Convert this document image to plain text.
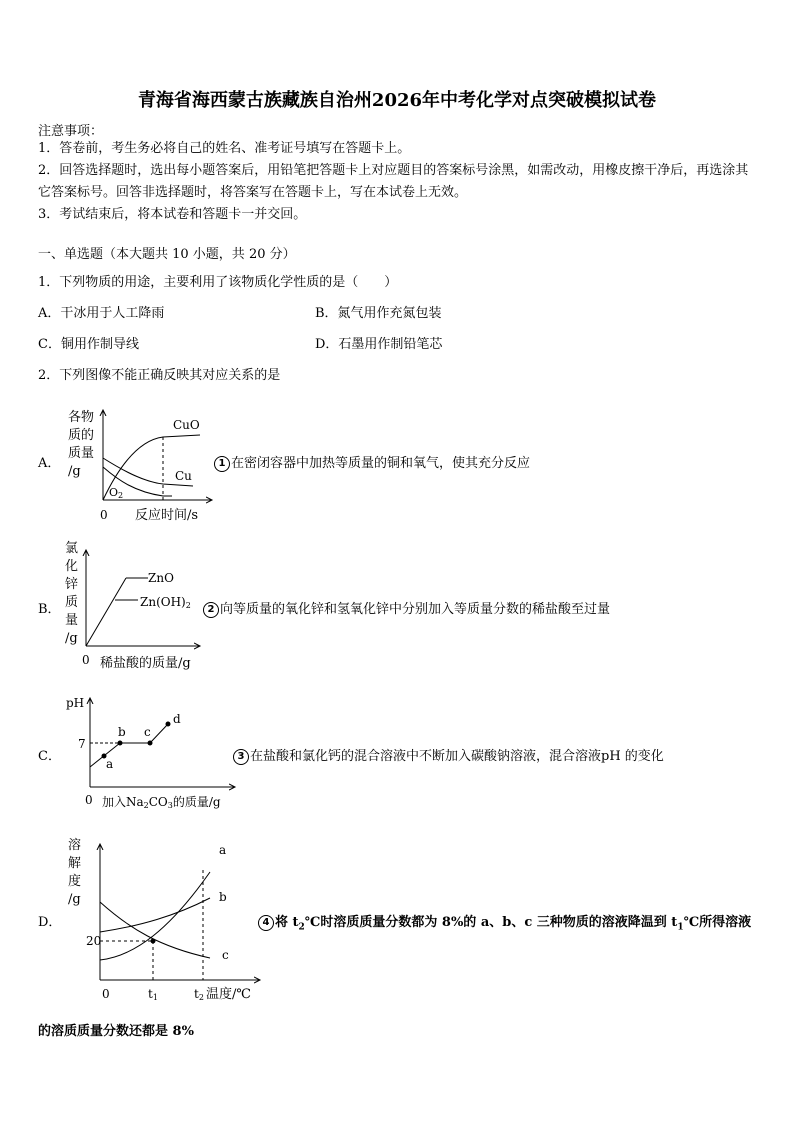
青海省海西蒙古族藏族自治州2026年中考化学对点突破模拟试卷
注意事项：
1．答卷前，考生务必将自己的姓名、准考证号填写在答题卡上。
2．回答选择题时，选出每小题答案后，用铅笔把答题卡上对应题目的答案标号涂黑，如需改动，用橡皮擦干净后，再选涂其它答案标号。回答非选择题时，将答案写在答题卡上，写在本试卷上无效。
3．考试结束后，将本试卷和答题卡一并交回。
一、单选题（本大题共 10 小题，共 20 分）
1．下列物质的用途，主要利用了该物质化学性质的是（　　）
A．干冰用于人工降雨	B．氮气用作充氮包装
C．铜用作制导线	D．石墨用作制铅笔芯
2．下列图像不能正确反映其对应关系的是
A．
各物
质的
质量
/g
CuO
Cu
O2
0 反应时间/s
1 在密闭容器中加热等质量的铜和氧气，使其充分反应
B．
氯
化
锌
质
量
/g
ZnO
Zn(OH)2
0 稀盐酸的质量/g
2 向等质量的氧化锌和氢氧化锌中分别加入等质量分数的稀盐酸至过量
C．
pH
7
a
b c
d
0 加入Na2CO3的质量/g
3 在盐酸和氯化钙的混合溶液中不断加入碳酸钠溶液，混合溶液pH 的变化
D．
溶
解
度
/g
20
a
b
c
0	t1	t2 温度/℃
4 将 $t_2℃$时溶质质量分数都为 8%的 a、b、c 三种物质的溶液降温到 $t_1℃$所得溶液
的溶质质量分数还都是 8%
